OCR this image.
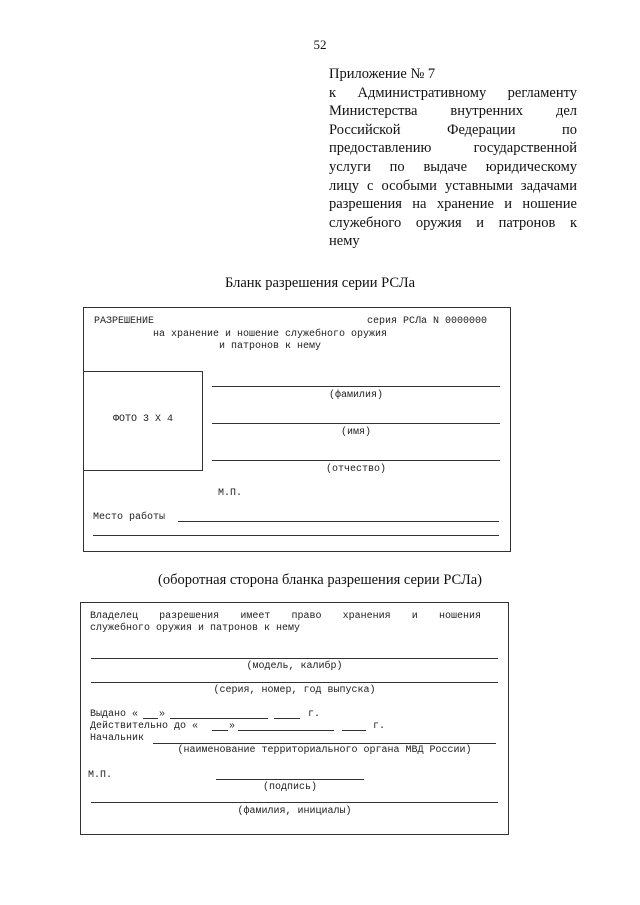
52
Приложение № 7
к Административному регламенту
Министерства внутренних дел
Российской Федерации по
предоставлению государственной
услуги по выдаче юридическому
лицу с особыми уставными задачами
разрешения на хранение и ношение
служебного оружия и патронов к
нему
Бланк разрешения серии РСЛа
РАЗРЕШЕНИЕ	серия РСЛа N 0000000
на хранение и ношение служебного оружия
и патронов к нему
ФОТО 3 Х 4
(фамилия)
(имя)
(отчество)
М.П.
Место работы
(оборотная сторона бланка разрешения серии РСЛа)
Владелец разрешения имеет право хранения и ношения
служебного оружия и патронов к нему
(модель, калибр)
(серия, номер, год выпуска)
Выдано « »	г.
Действительно до «	»	г.
Начальник
(наименование территориального органа МВД России)
М.П.
(подпись)
(фамилия, инициалы)
